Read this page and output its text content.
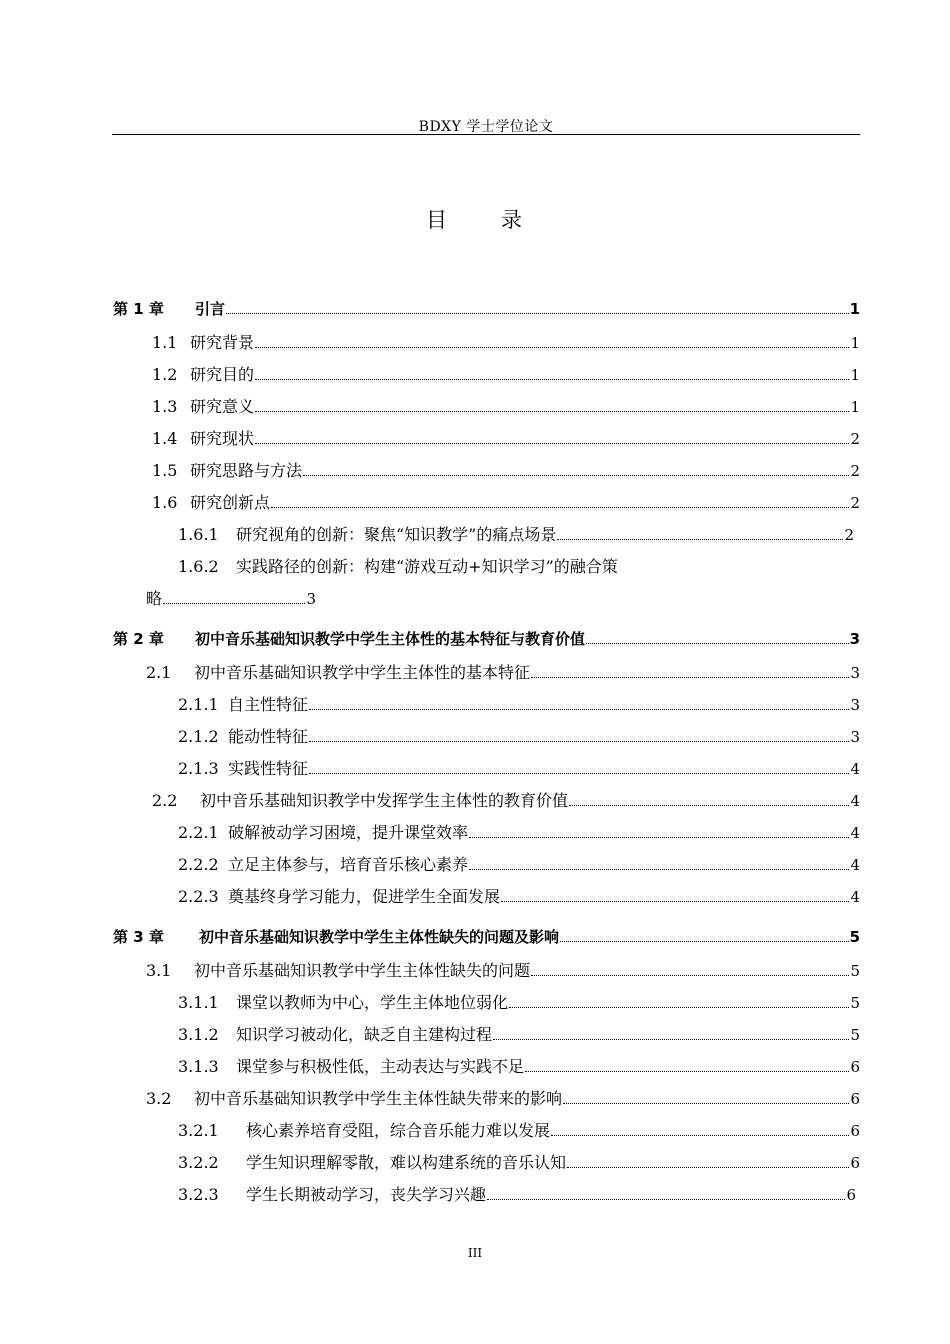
BDXY 学士学位论文
目 录
第 1 章	引言	1
1.1 研究背景	1
1.2 研究目的	1
1.3 研究意义	1
1.4 研究现状	2
1.5 研究思路与方法	2
1.6 研究创新点	2
1.6.1	研究视角的创新：聚焦“知识教学”的痛点场景	2
1.6.2	实践路径的创新：构建“游戏互动+知识学习”的融合策
略	3
第 2 章	初中音乐基础知识教学中学生主体性的基本特征与教育价值	3
2.1	初中音乐基础知识教学中学生主体性的基本特征	3
2.1.1 自主性特征	3
2.1.2 能动性特征	3
2.1.3 实践性特征	4
2.2	初中音乐基础知识教学中发挥学生主体性的教育价值	4
2.2.1 破解被动学习困境，提升课堂效率	4
2.2.2 立足主体参与，培育音乐核心素养	4
2.2.3 奠基终身学习能力，促进学生全面发展	4
第 3 章	初中音乐基础知识教学中学生主体性缺失的问题及影响	5
3.1	初中音乐基础知识教学中学生主体性缺失的问题	5
3.1.1	课堂以教师为中心，学生主体地位弱化	5
3.1.2	知识学习被动化，缺乏自主建构过程	5
3.1.3	课堂参与积极性低，主动表达与实践不足	6
3.2	初中音乐基础知识教学中学生主体性缺失带来的影响	6
3.2.1	核心素养培育受阻，综合音乐能力难以发展	6
3.2.2	学生知识理解零散，难以构建系统的音乐认知	6
3.2.3	学生长期被动学习，丧失学习兴趣	6
III
